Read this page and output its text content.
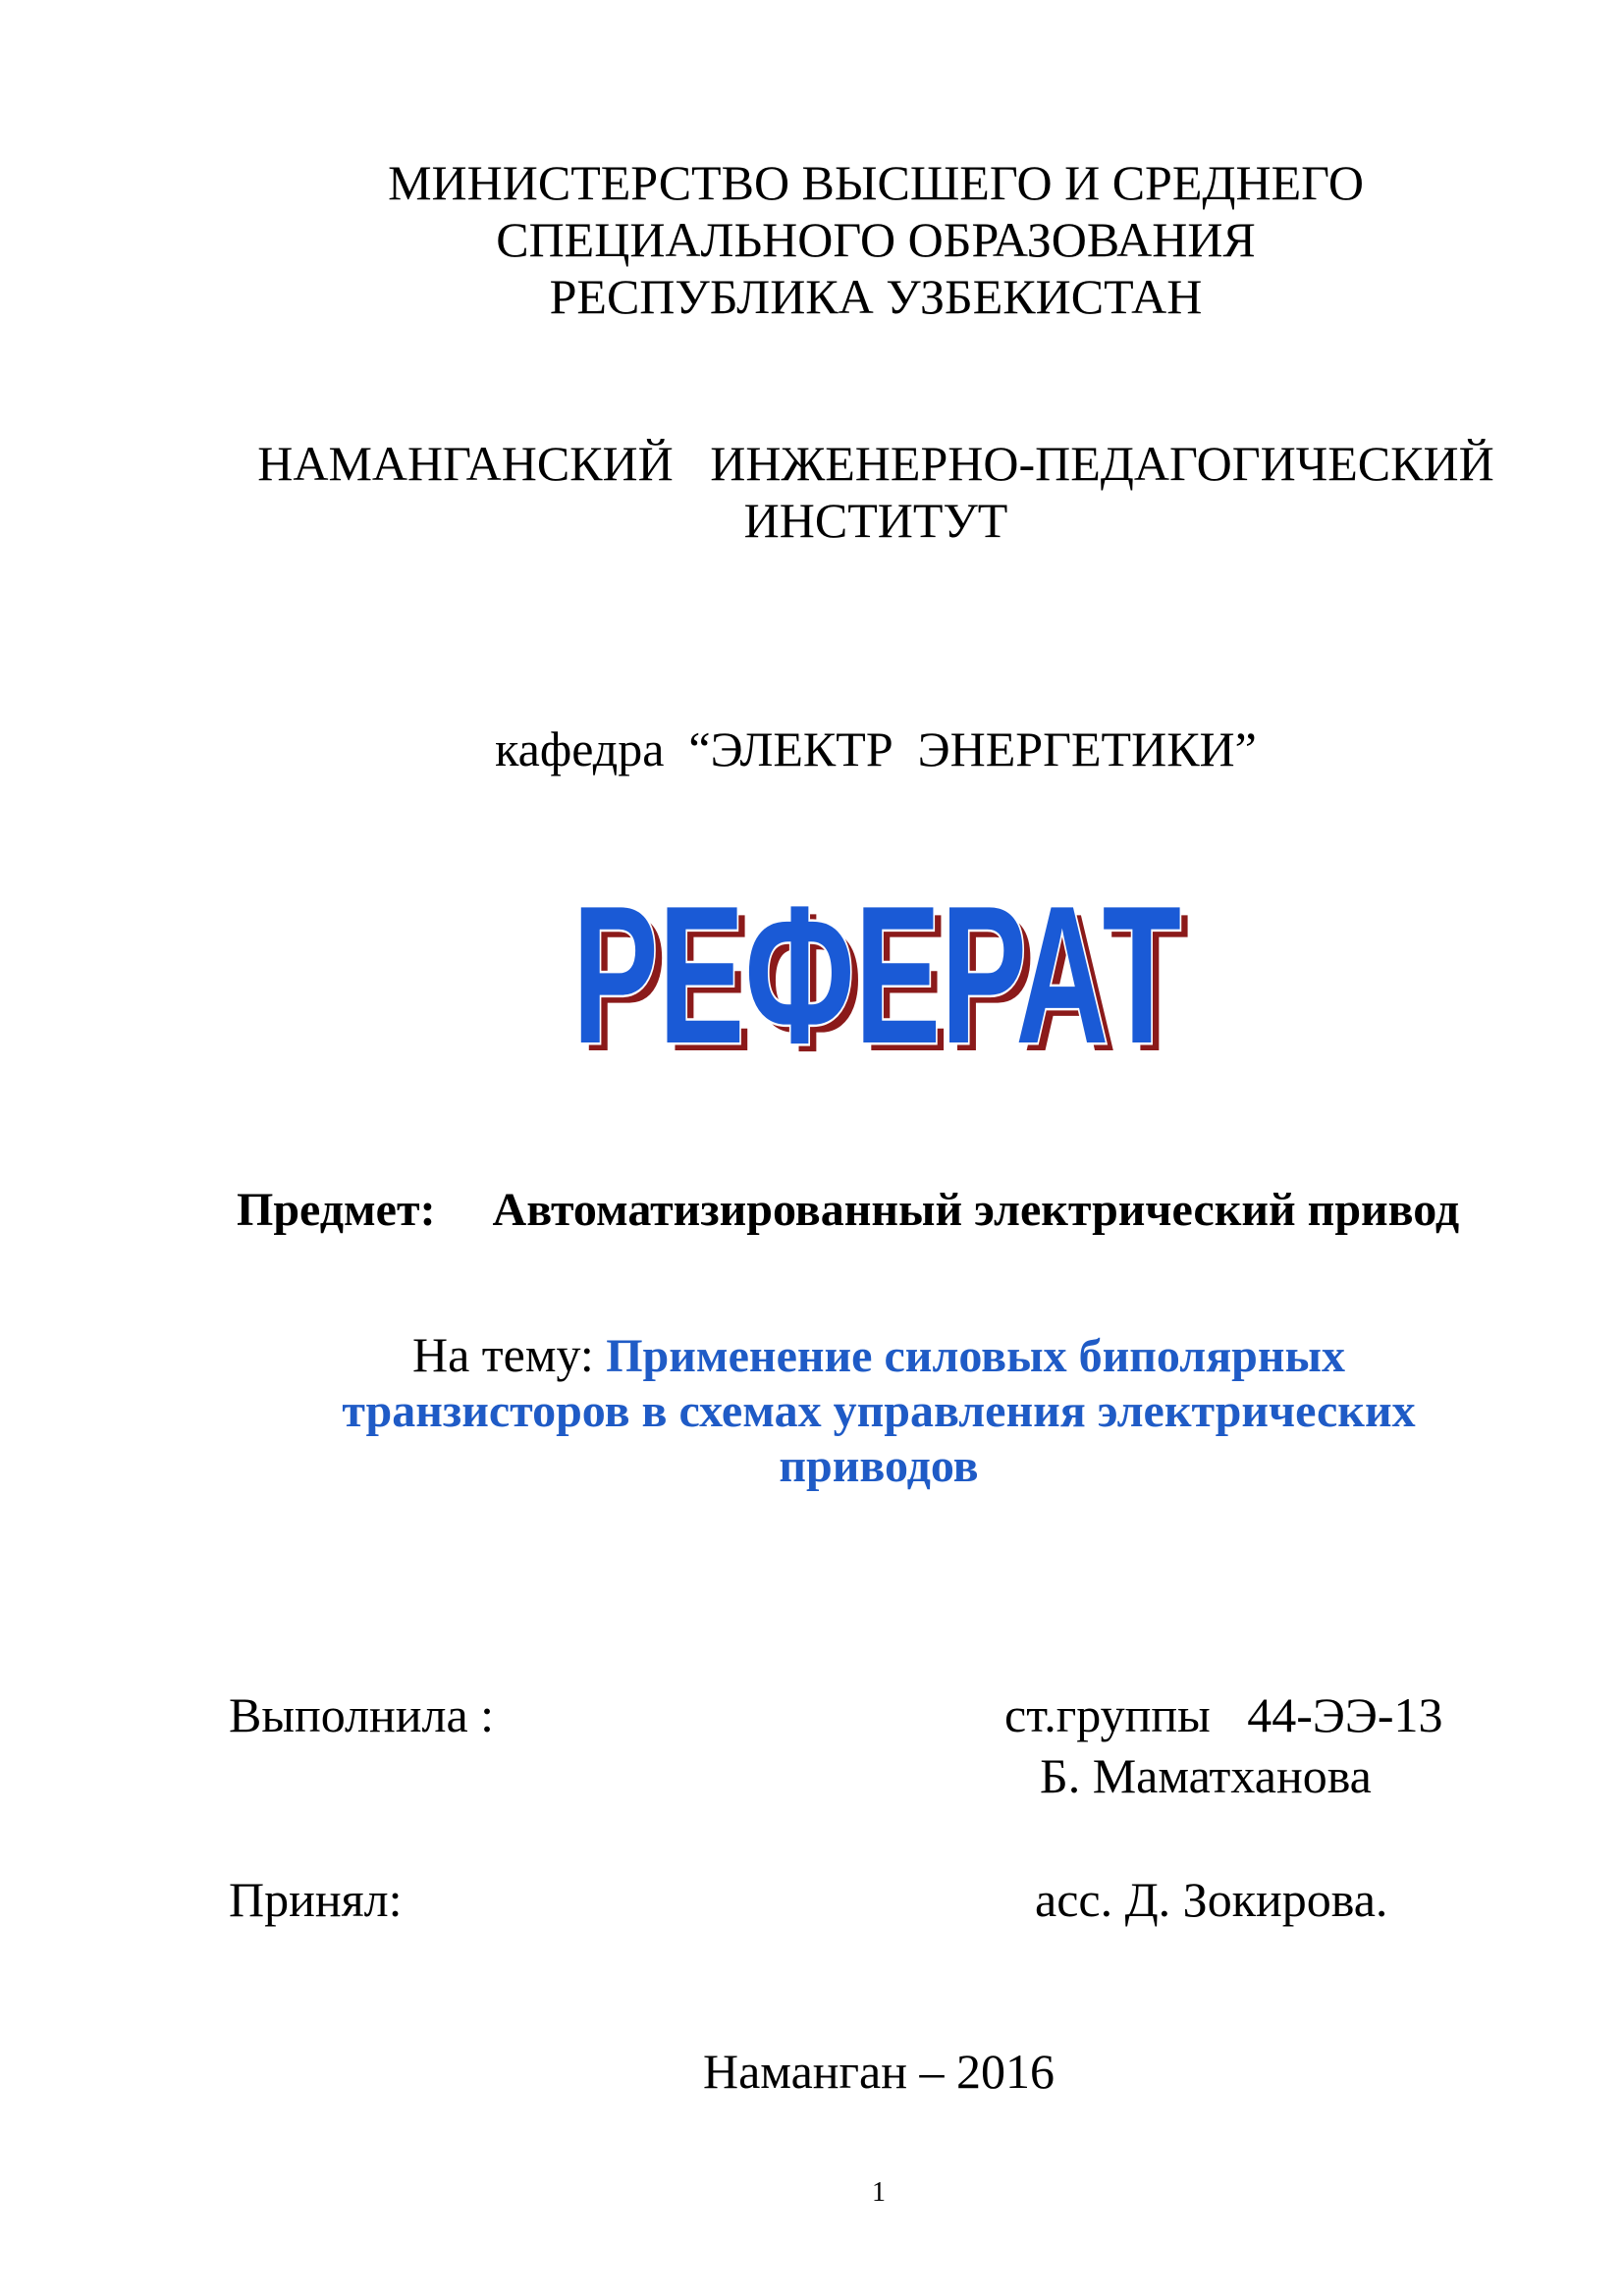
МИНИСТЕРСТВО ВЫСШЕГО И СРЕДНЕГО
СПЕЦИАЛЬНОГО ОБРАЗОВАНИЯ
РЕСПУБЛИКА УЗБЕКИСТАН
НАМАНГАНСКИЙ   ИНЖЕНЕРНО-ПЕДАГОГИЧЕСКИЙ
ИНСТИТУТ
кафедра  “ЭЛЕКТР  ЭНЕРГЕТИКИ”
РЕФЕРАТ
РЕФЕРАТ
Предмет: Автоматизированный электрический привод
На тему: Применение силовых биполярных
транзисторов в схемах управления электрических
приводов
Выполнила :	ст.группы   44-ЭЭ-13
Б. Маматханова
Принял:	асс. Д. Зокирова.
Наманган – 2016
1
